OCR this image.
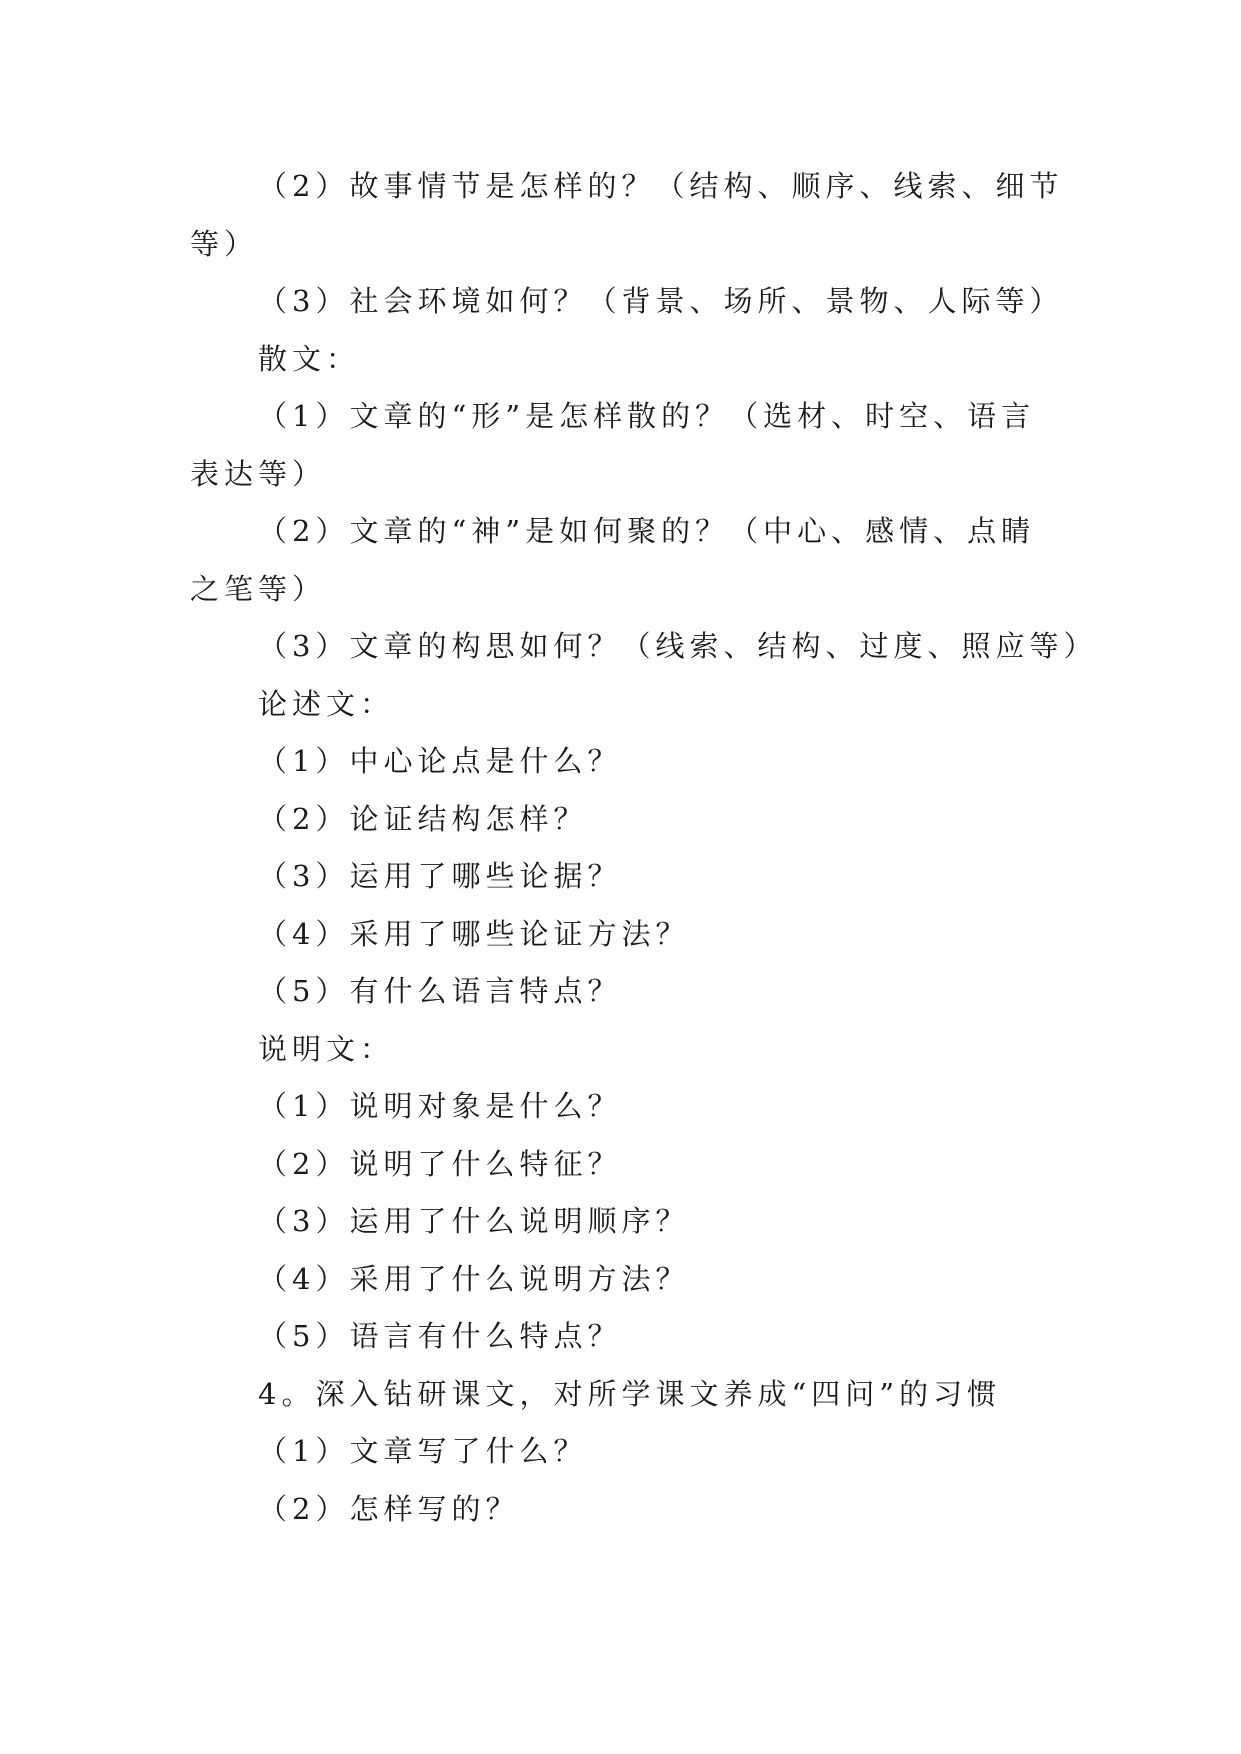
（2）故事情节是怎样的？（结构、顺序、线索、细节
等）
（3）社会环境如何？（背景、场所、景物、人际等）
散文：
（1）文章的“形”是怎样散的？（选材、时空、语言
表达等）
（2）文章的“神”是如何聚的？（中心、感情、点睛
之笔等）
（3）文章的构思如何？（线索、结构、过度、照应等）
论述文：
（1）中心论点是什么？
（2）论证结构怎样？
（3）运用了哪些论据？
（4）采用了哪些论证方法？
（5）有什么语言特点？
说明文：
（1）说明对象是什么？
（2）说明了什么特征？
（3）运用了什么说明顺序？
（4）采用了什么说明方法？
（5）语言有什么特点？
4。深入钻研课文，对所学课文养成“四问”的习惯
（1）文章写了什么？
（2）怎样写的？
